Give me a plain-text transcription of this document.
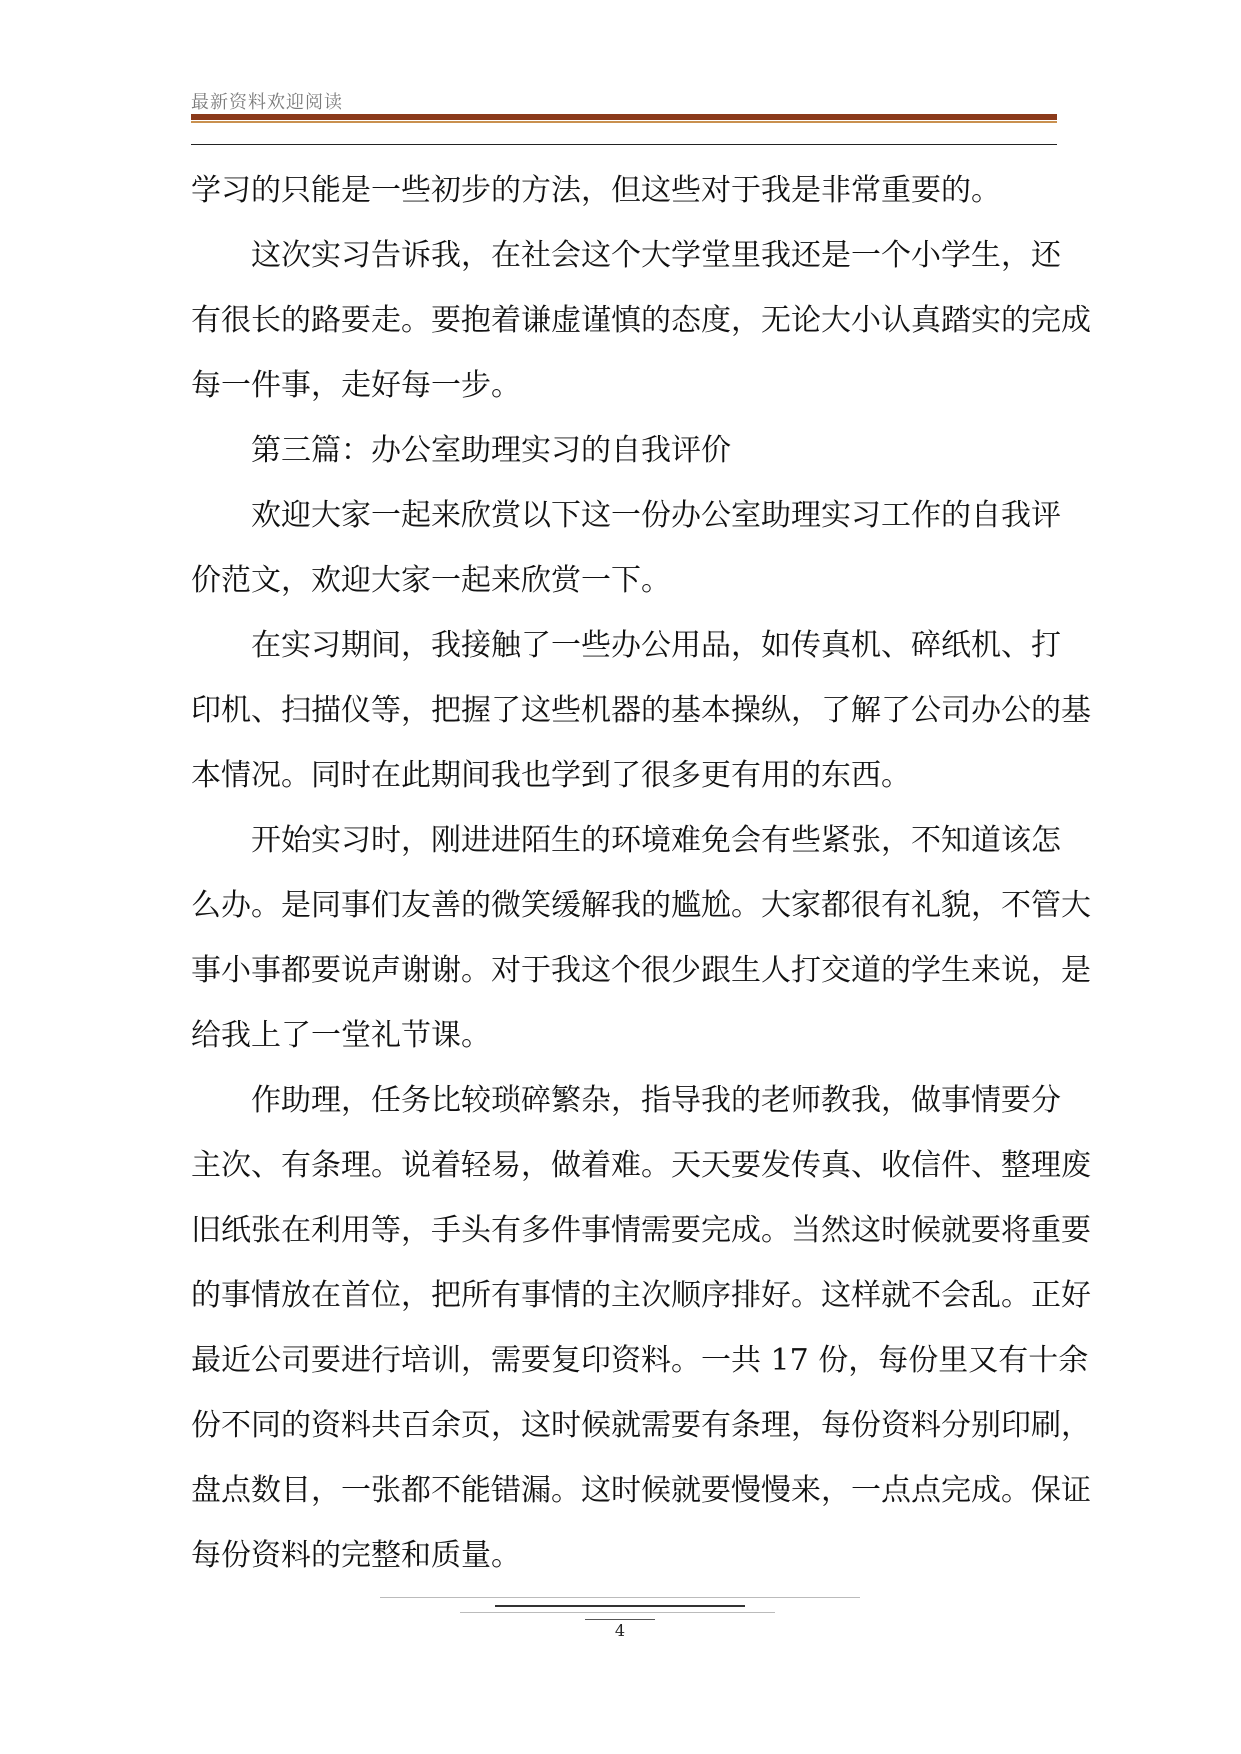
最新资料欢迎阅读

学习的只能是一些初步的方法，但这些对于我是非常重要的。

　　这次实习告诉我，在社会这个大学堂里我还是一个小学生，还

有很长的路要走。要抱着谦虚谨慎的态度，无论大小认真踏实的完成

每一件事，走好每一步。

　　第三篇：办公室助理实习的自我评价

　　欢迎大家一起来欣赏以下这一份办公室助理实习工作的自我评

价范文，欢迎大家一起来欣赏一下。

　　在实习期间，我接触了一些办公用品，如传真机、碎纸机、打

印机、扫描仪等，把握了这些机器的基本操纵，了解了公司办公的基

本情况。同时在此期间我也学到了很多更有用的东西。

　　开始实习时，刚进进陌生的环境难免会有些紧张，不知道该怎

么办。是同事们友善的微笑缓解我的尴尬。大家都很有礼貌，不管大

事小事都要说声谢谢。对于我这个很少跟生人打交道的学生来说，是

给我上了一堂礼节课。

　　作助理，任务比较琐碎繁杂，指导我的老师教我，做事情要分

主次、有条理。说着轻易，做着难。天天要发传真、收信件、整理废

旧纸张在利用等，手头有多件事情需要完成。当然这时候就要将重要

的事情放在首位，把所有事情的主次顺序排好。这样就不会乱。正好

最近公司要进行培训，需要复印资料。一共 17 份，每份里又有十余

份不同的资料共百余页，这时候就需要有条理，每份资料分别印刷，

盘点数目，一张都不能错漏。这时候就要慢慢来，一点点完成。保证

每份资料的完整和质量。

4
